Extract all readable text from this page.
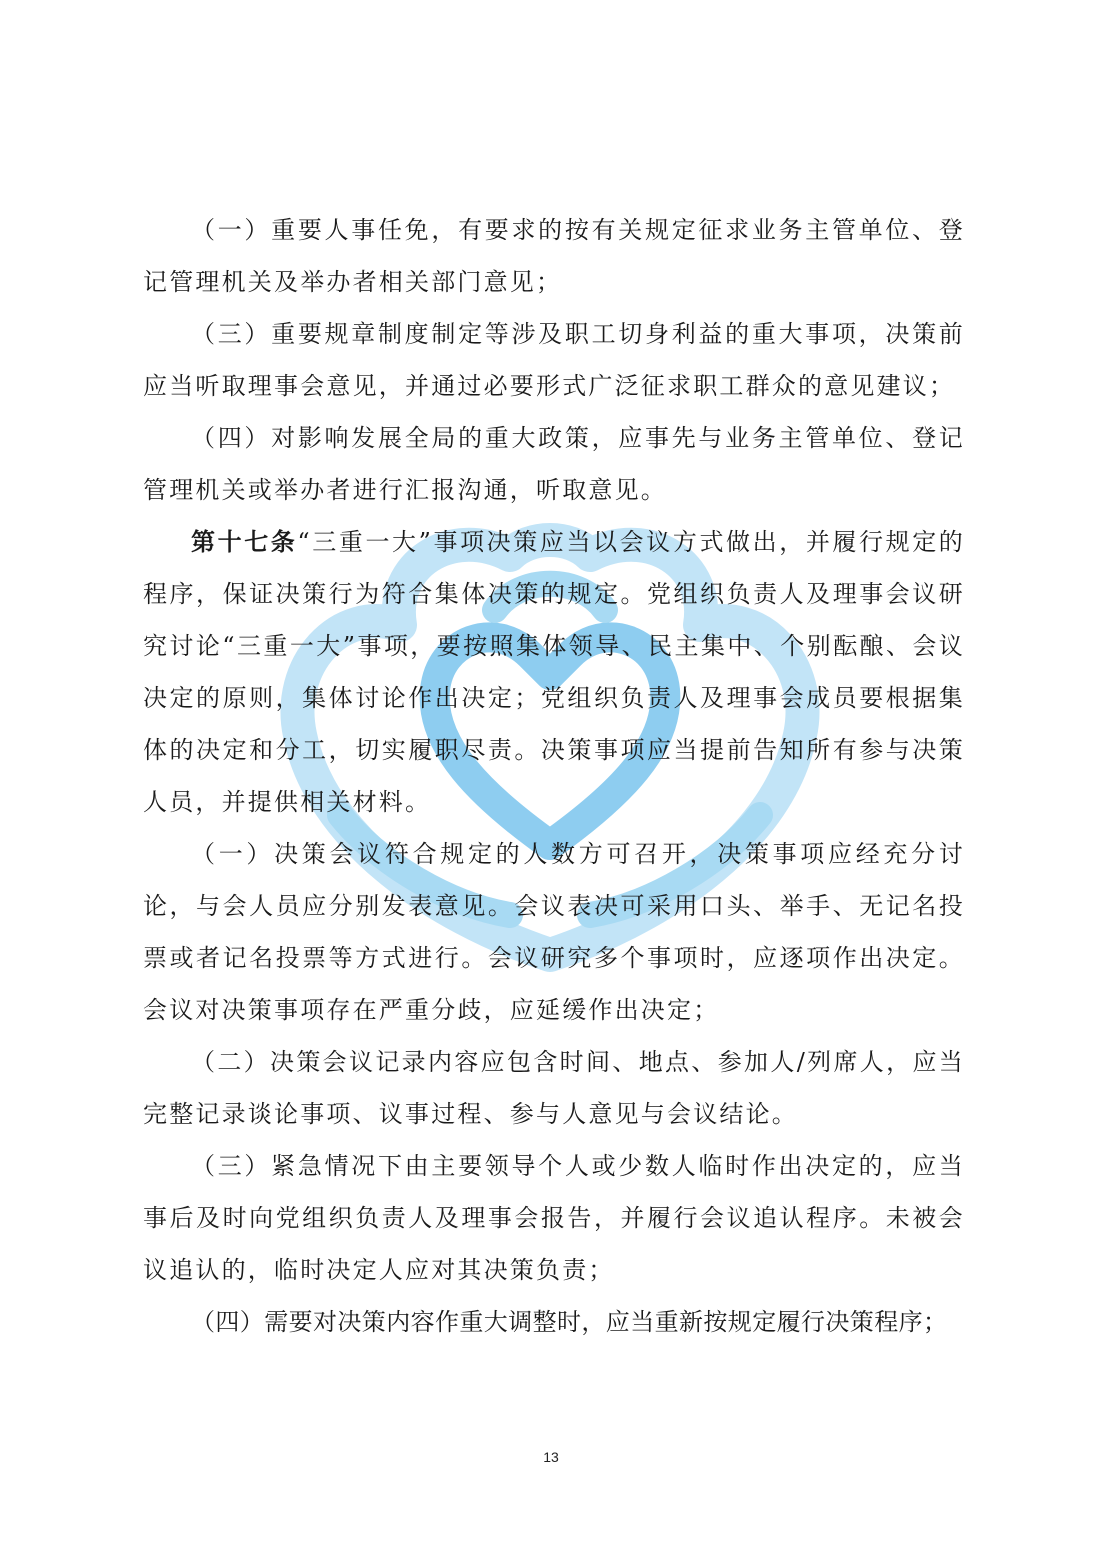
（一）重要人事任免，有要求的按有关规定征求业务主管单位、登记管理机关及举办者相关部门意见；

（三）重要规章制度制定等涉及职工切身利益的重大事项，决策前应当听取理事会意见，并通过必要形式广泛征求职工群众的意见建议；

（四）对影响发展全局的重大政策，应事先与业务主管单位、登记管理机关或举办者进行汇报沟通，听取意见。

第十七条“三重一大”事项决策应当以会议方式做出，并履行规定的程序，保证决策行为符合集体决策的规定。党组织负责人及理事会议研究讨论“三重一大”事项，要按照集体领导、民主集中、个别酝酿、会议决定的原则，集体讨论作出决定；党组织负责人及理事会成员要根据集体的决定和分工，切实履职尽责。决策事项应当提前告知所有参与决策人员，并提供相关材料。

（一）决策会议符合规定的人数方可召开，决策事项应经充分讨论，与会人员应分别发表意见。会议表决可采用口头、举手、无记名投票或者记名投票等方式进行。会议研究多个事项时，应逐项作出决定。会议对决策事项存在严重分歧，应延缓作出决定；

（二）决策会议记录内容应包含时间、地点、参加人/列席人，应当完整记录谈论事项、议事过程、参与人意见与会议结论。

（三）紧急情况下由主要领导个人或少数人临时作出决定的，应当事后及时向党组织负责人及理事会报告，并履行会议追认程序。未被会议追认的，临时决定人应对其决策负责；

（四）需要对决策内容作重大调整时，应当重新按规定履行决策程序；

13
